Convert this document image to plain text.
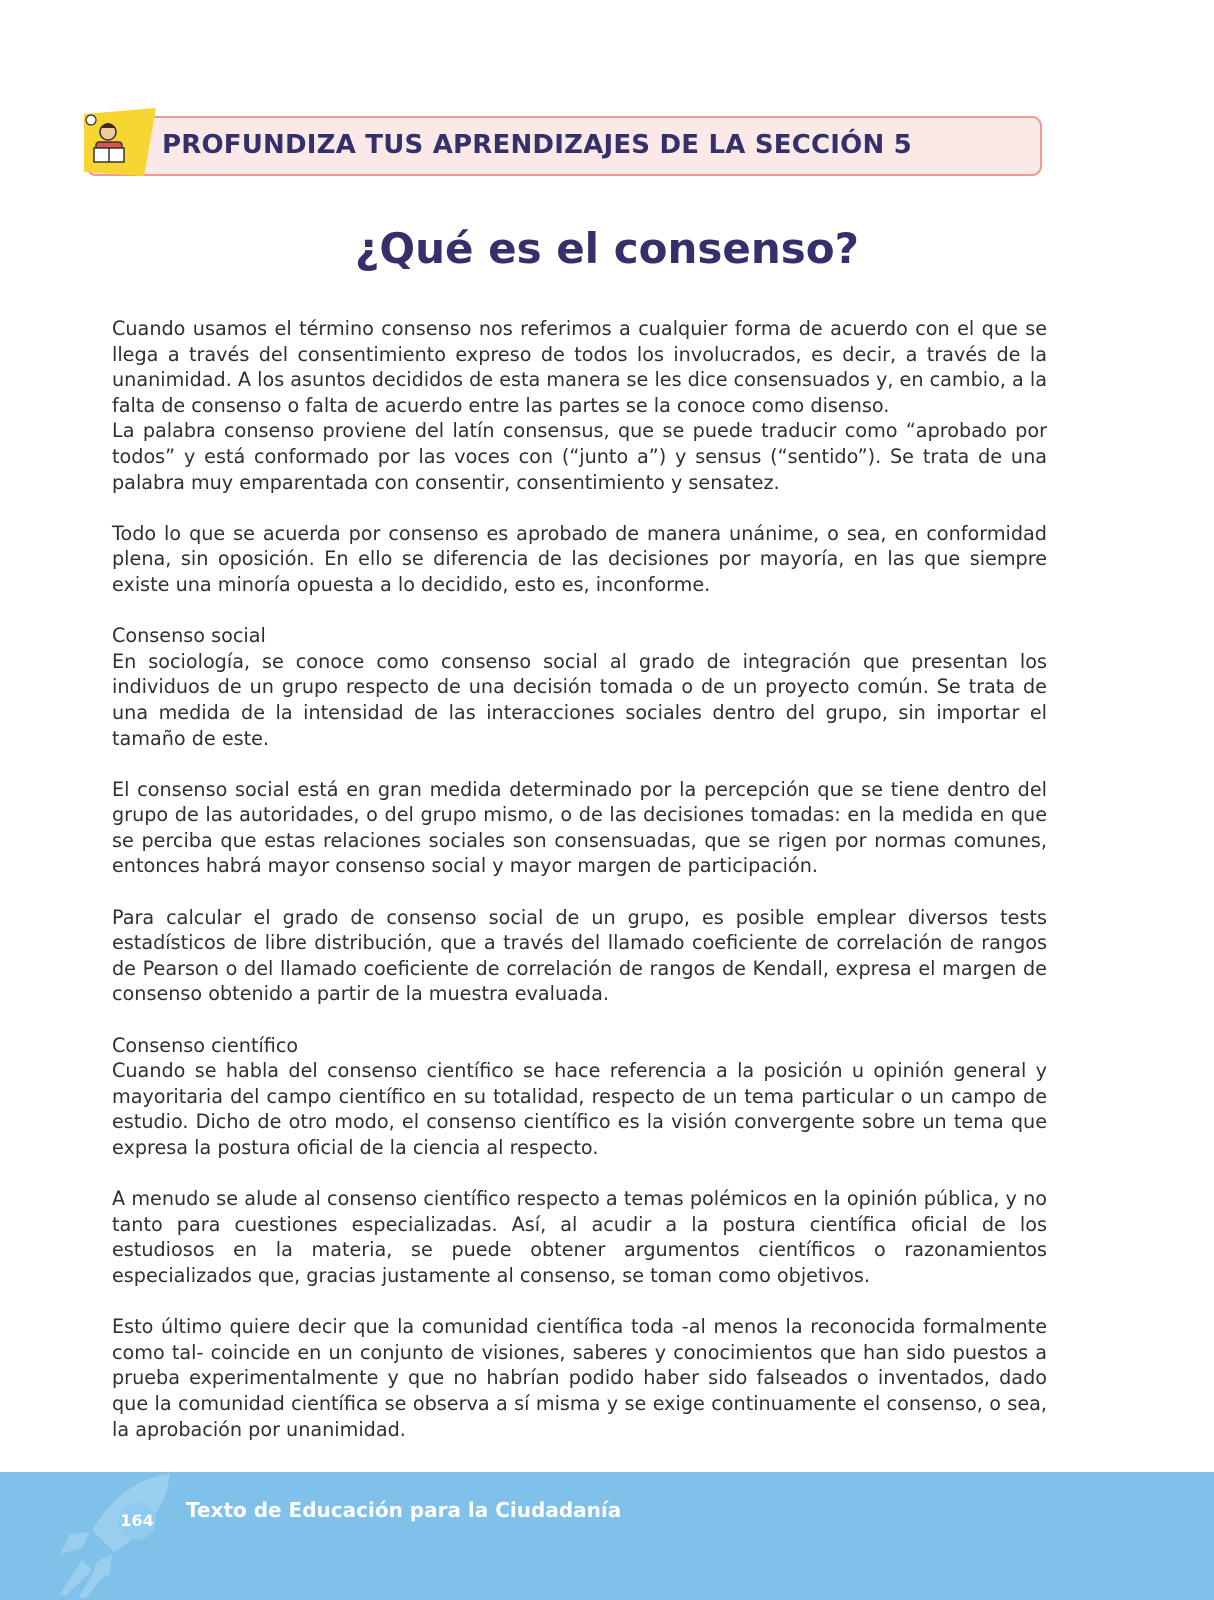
PROFUNDIZA TUS APRENDIZAJES DE LA SECCIÓN 5
¿Qué es el consenso?

Cuando usamos el término consenso nos referimos a cualquier forma de acuerdo con el que se llega a través del consentimiento expreso de todos los involucrados, es decir, a través de la unanimidad. A los asuntos decididos de esta manera se les dice consensuados y, en cambio, a la falta de consenso o falta de acuerdo entre las partes se la conoce como disenso.

La palabra consenso proviene del latín consensus, que se puede traducir como “aprobado por todos” y está conformado por las voces con (“junto a”) y sensus (“sentido”). Se trata de una palabra muy emparentada con consentir, consentimiento y sensatez.

Todo lo que se acuerda por consenso es aprobado de manera unánime, o sea, en conformidad plena, sin oposición. En ello se diferencia de las decisiones por mayoría, en las que siempre existe una minoría opuesta a lo decidido, esto es, inconforme.

Consenso social

En sociología, se conoce como consenso social al grado de integración que presentan los individuos de un grupo respecto de una decisión tomada o de un proyecto común. Se trata de una medida de la intensidad de las interacciones sociales dentro del grupo, sin importar el tamaño de este.

El consenso social está en gran medida determinado por la percepción que se tiene dentro del grupo de las autoridades, o del grupo mismo, o de las decisiones tomadas: en la medida en que se perciba que estas relaciones sociales son consensuadas, que se rigen por normas comunes, entonces habrá mayor consenso social y mayor margen de participación.

Para calcular el grado de consenso social de un grupo, es posible emplear diversos tests estadísticos de libre distribución, que a través del llamado coeficiente de correlación de rangos de Pearson o del llamado coeficiente de correlación de rangos de Kendall, expresa el margen de consenso obtenido a partir de la muestra evaluada.

Consenso científico

Cuando se habla del consenso científico se hace referencia a la posición u opinión general y mayoritaria del campo científico en su totalidad, respecto de un tema particular o un campo de estudio. Dicho de otro modo, el consenso científico es la visión convergente sobre un tema que expresa la postura oficial de la ciencia al respecto.

A menudo se alude al consenso científico respecto a temas polémicos en la opinión pública, y no tanto para cuestiones especializadas. Así, al acudir a la postura científica oficial de los estudiosos en la materia, se puede obtener argumentos científicos o razonamientos especializados que, gracias justamente al consenso, se toman como objetivos.

Esto último quiere decir que la comunidad científica toda -al menos la reconocida formalmente como tal- coincide en un conjunto de visiones, saberes y conocimientos que han sido puestos a prueba experimentalmente y que no habrían podido haber sido falseados o inventados, dado que la comunidad científica se observa a sí misma y se exige continuamente el consenso, o sea, la aprobación por unanimidad.

164 Texto de Educación para la Ciudadanía
